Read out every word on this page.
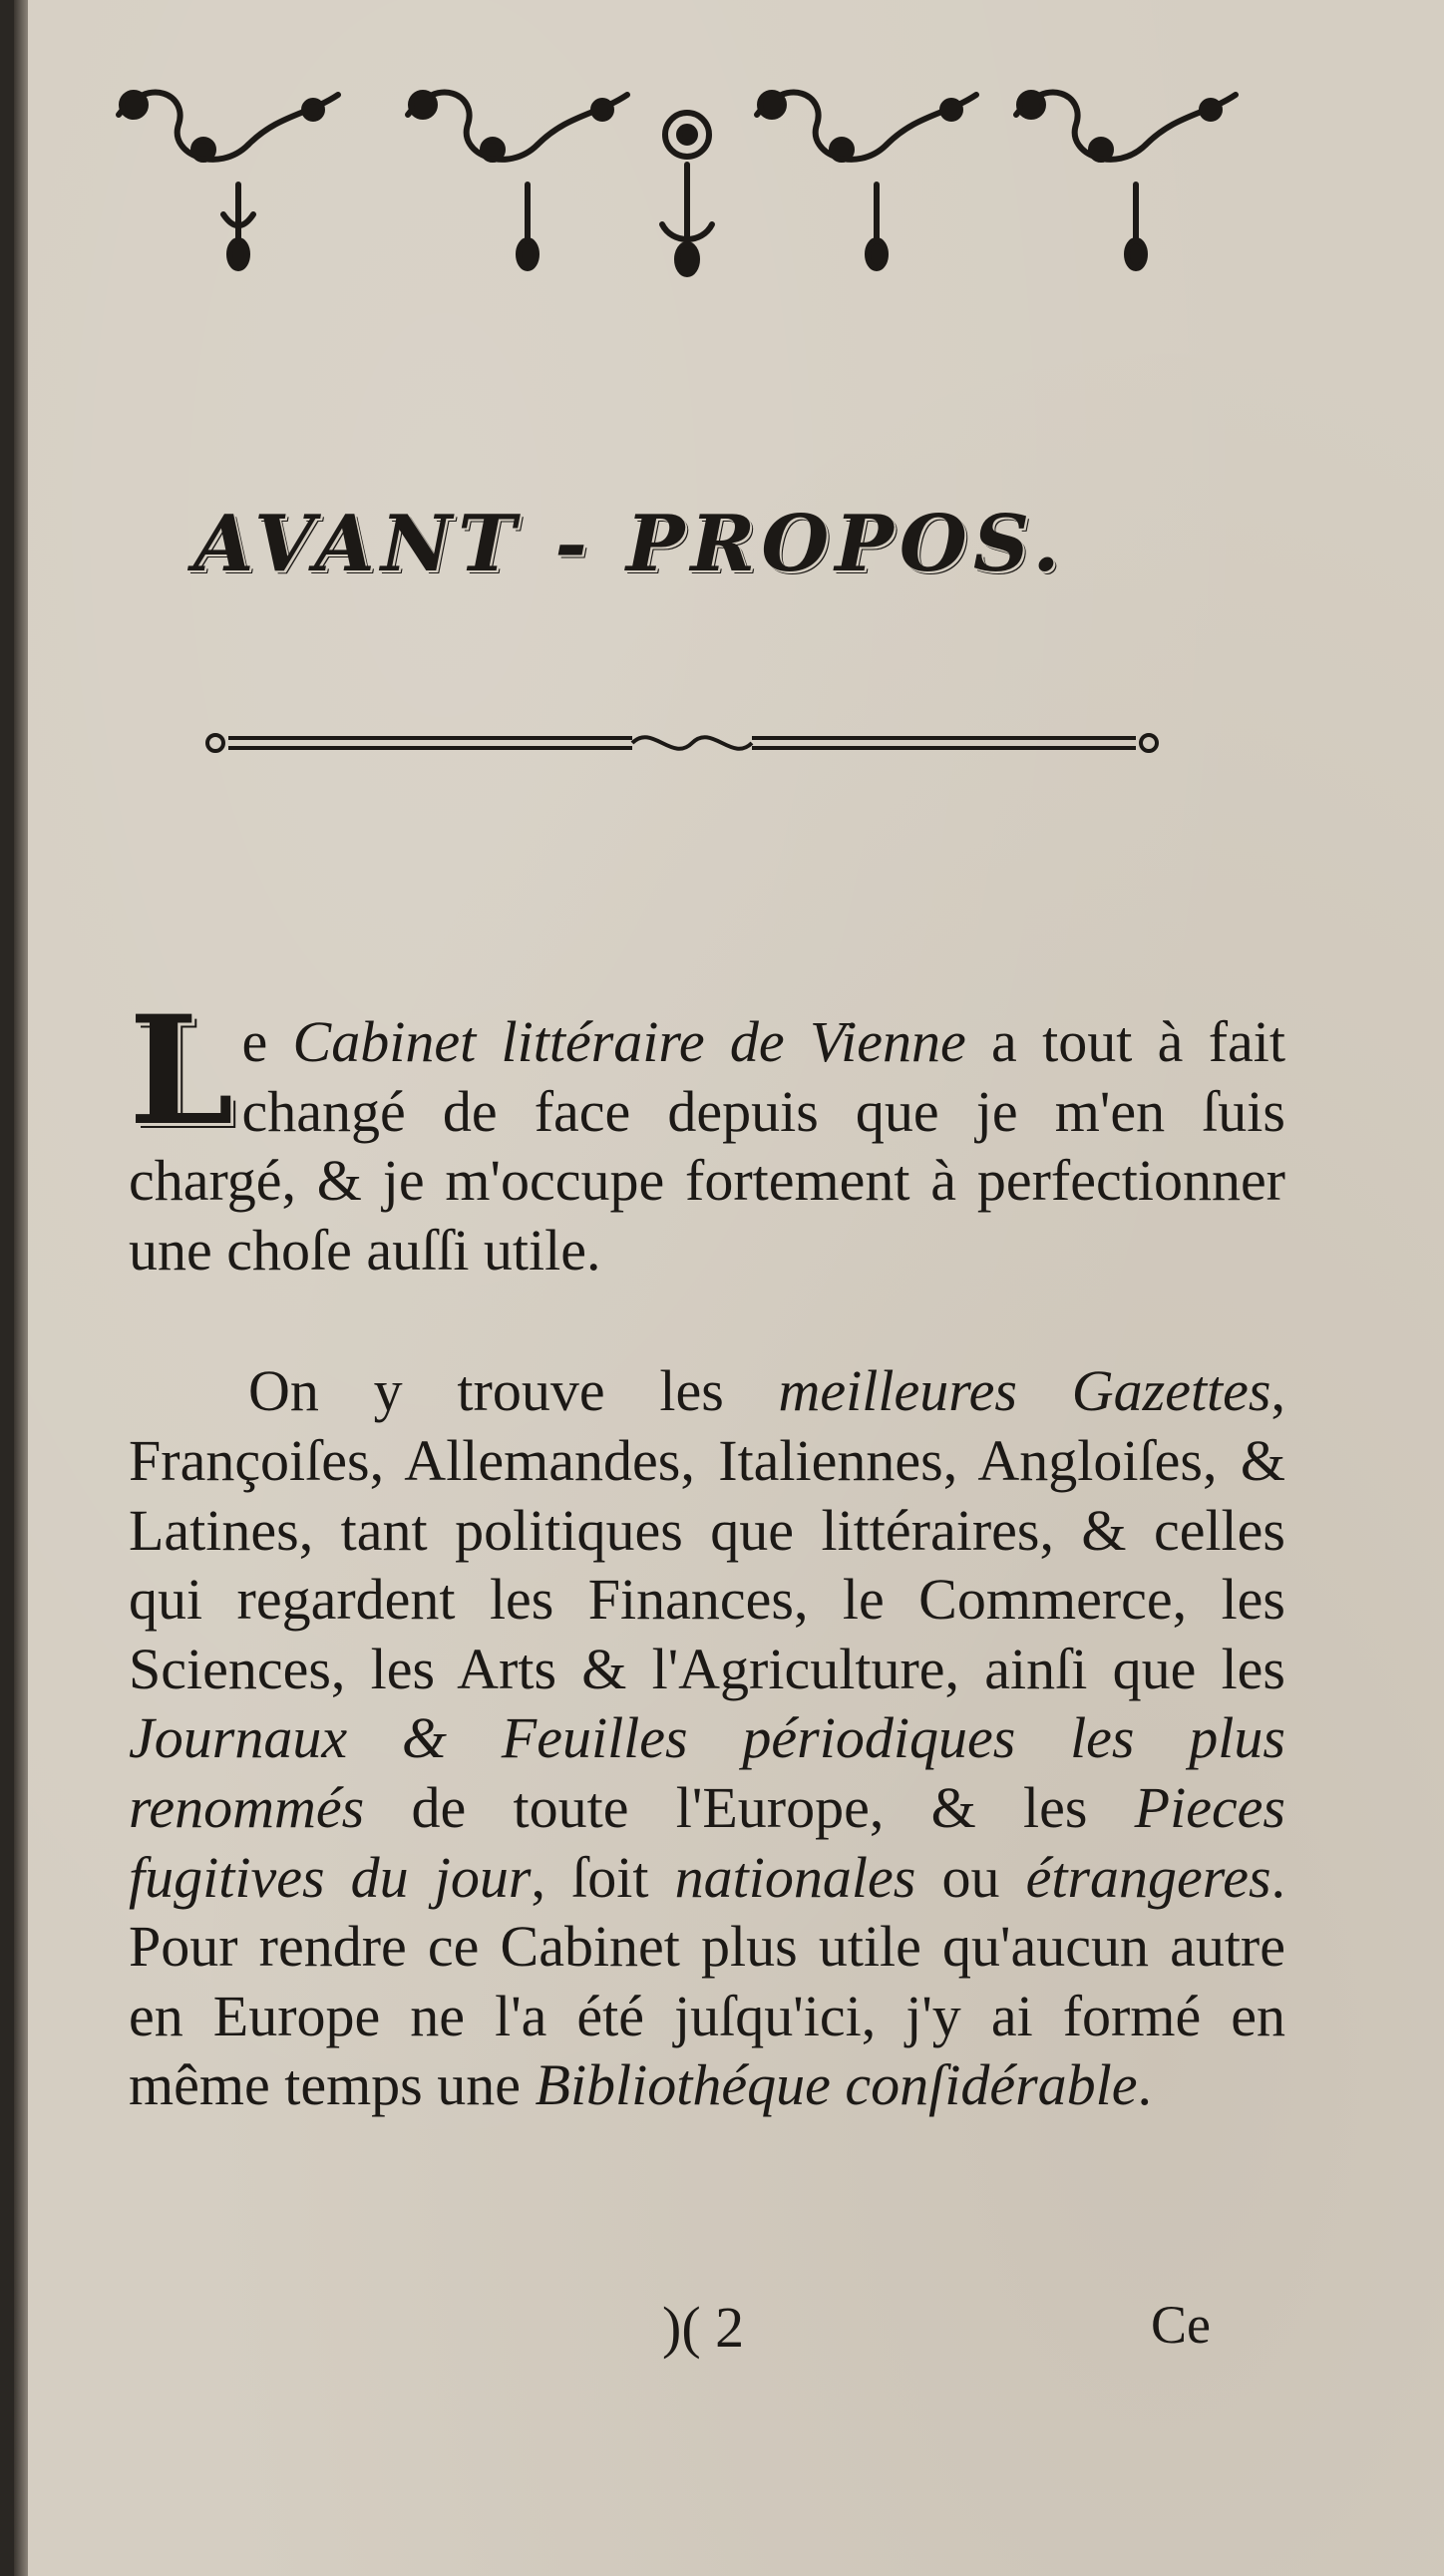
AVANT - PROPOS.

L e Cabinet littéraire de Vienne a tout à fait changé de face depuis que je m'en ſuis chargé, & je m'occupe fortement à perfectionner une choſe auſſi utile.

On y trouve les meilleures Gazettes, Françoiſes, Allemandes, Italiennes, Angloiſes, & Latines, tant politiques que littéraires, & celles qui regardent les Finances, le Commerce, les Sciences, les Arts & l'Agriculture, ainſi que les Journaux & Feuilles périodiques les plus renommés de toute l'Europe, & les Pieces fugitives du jour, ſoit nationales ou étrangeres. Pour rendre ce Cabinet plus utile qu'aucun autre en Europe ne l'a été juſqu'ici, j'y ai formé en même temps une Bibliothéque conſidérable.

)( 2	Ce
